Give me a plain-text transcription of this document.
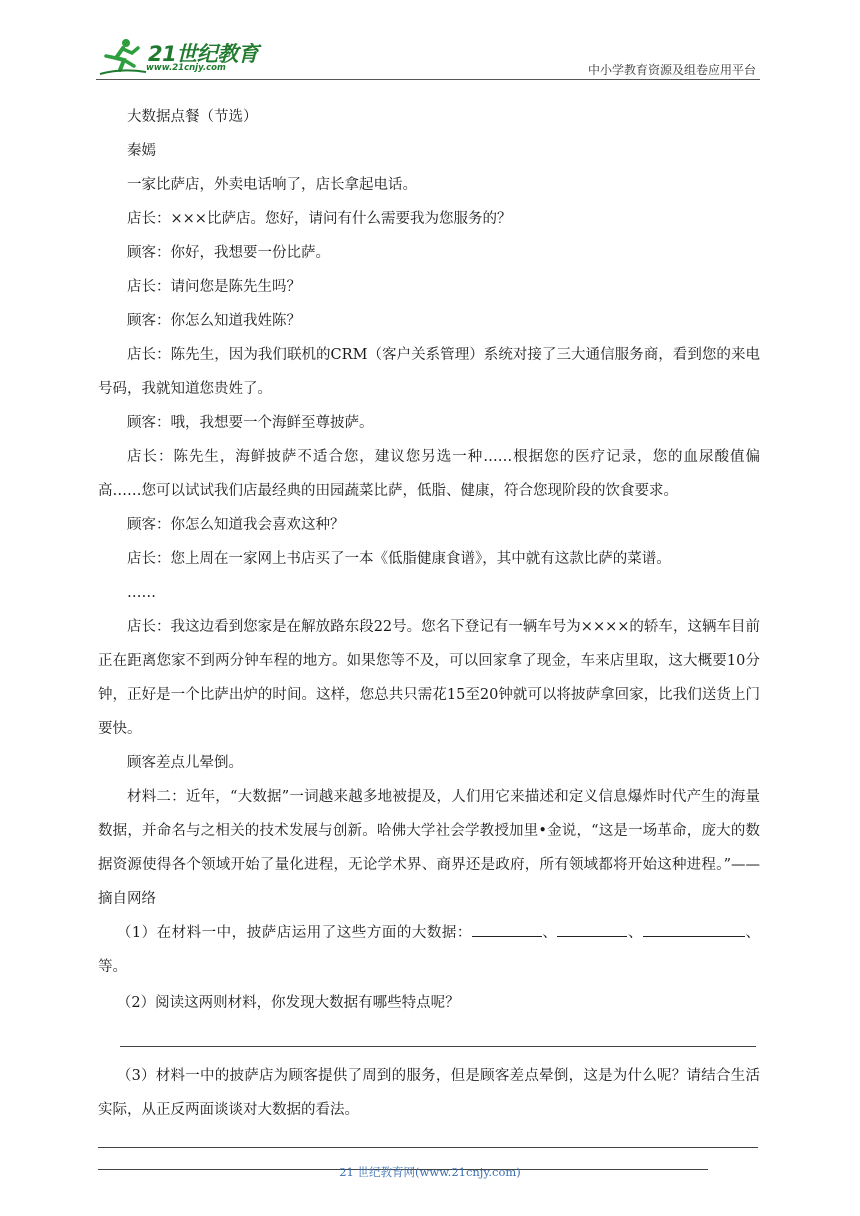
21世纪教育
www.21cnjy.com	中小学教育资源及组卷应用平台

大数据点餐（节选）

秦嫣

一家比萨店，外卖电话响了，店长拿起电话。

店长：×××比萨店。您好，请问有什么需要我为您服务的？

顾客：你好，我想要一份比萨。

店长：请问您是陈先生吗？

顾客：你怎么知道我姓陈？

店长：陈先生，因为我们联机的CRM（客户关系管理）系统对接了三大通信服务商，看到您的来电号码，我就知道您贵姓了。

顾客：哦，我想要一个海鲜至尊披萨。

店长：陈先生，海鲜披萨不适合您，建议您另选一种……根据您的医疗记录，您的血尿酸值偏高……您可以试试我们店最经典的田园蔬菜比萨，低脂、健康，符合您现阶段的饮食要求。

顾客：你怎么知道我会喜欢这种？

店长：您上周在一家网上书店买了一本《低脂健康食谱》，其中就有这款比萨的菜谱。

……

店长：我这边看到您家是在解放路东段22号。您名下登记有一辆车号为××××的轿车，这辆车目前正在距离您家不到两分钟车程的地方。如果您等不及，可以回家拿了现金，车来店里取，这大概要10分钟，正好是一个比萨出炉的时间。这样，您总共只需花15至20钟就可以将披萨拿回家，比我们送货上门要快。

顾客差点儿晕倒。

材料二：近年，“大数据”一词越来越多地被提及，人们用它来描述和定义信息爆炸时代产生的海量数据，并命名与之相关的技术发展与创新。哈佛大学社会学教授加里•金说，“这是一场革命，庞大的数据资源使得各个领域开始了量化进程，无论学术界、商界还是政府，所有领域都将开始这种进程。”——摘自网络

（1）在材料一中，披萨店运用了这些方面的大数据：	、	、	、等。

（2）阅读这两则材料，你发现大数据有哪些特点呢？

（3）材料一中的披萨店为顾客提供了周到的服务，但是顾客差点晕倒，这是为什么呢？请结合生活实际，从正反两面谈谈对大数据的看法。

21 世纪教育网(www.21cnjy.com)
